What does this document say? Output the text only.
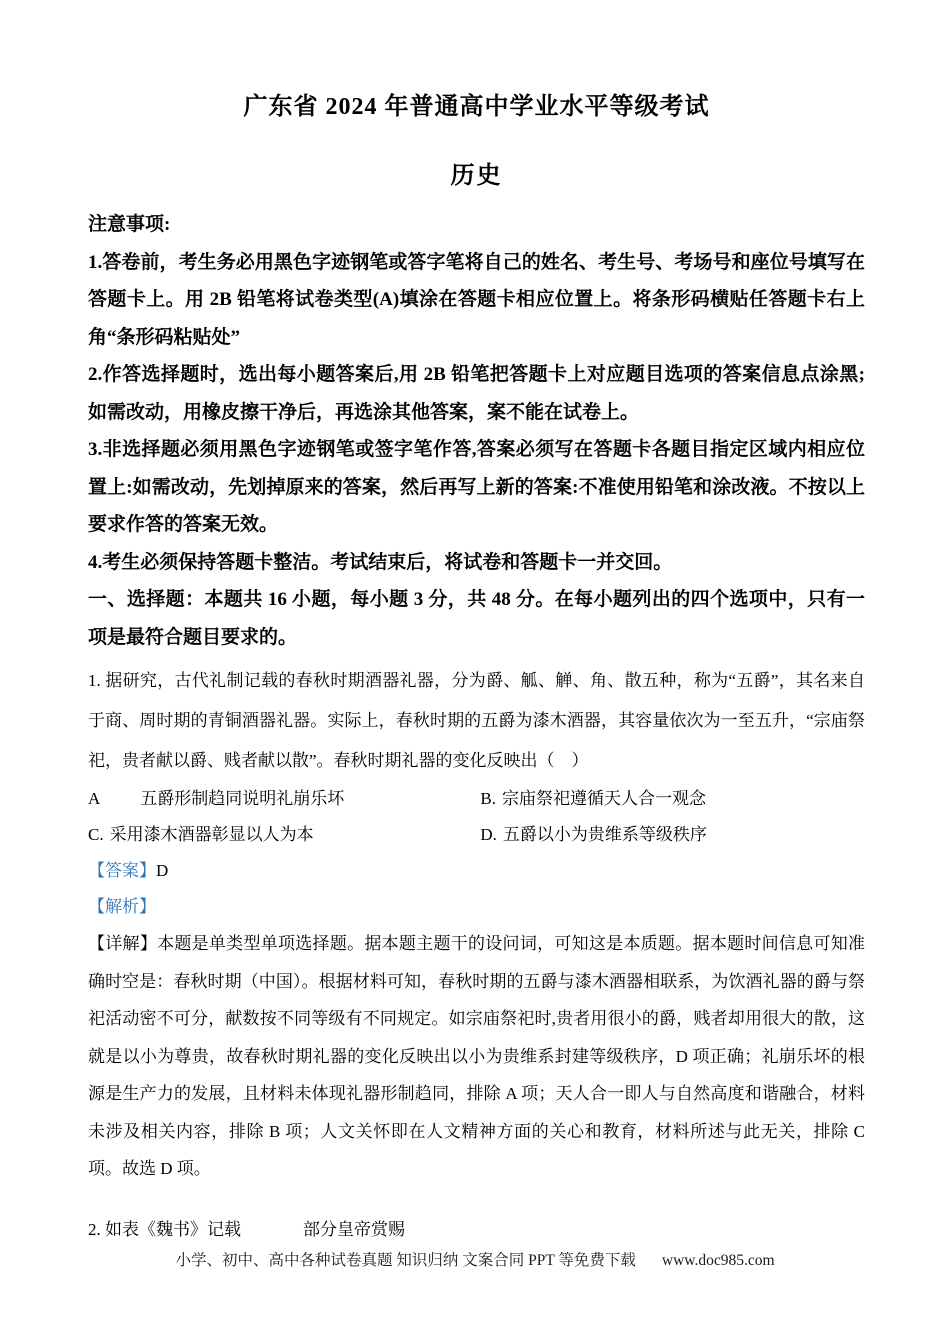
广东省 2024 年普通高中学业水平等级考试
历史

注意事项:

1.答卷前，考生务必用黑色字迹钢笔或答字笔将自己的姓名、考生号、考场号和座位号填写在答题卡上。用 2B 铅笔将试卷类型(A)填涂在答题卡相应位置上。将条形码横贴任答题卡右上角“条形码粘贴处”

2.作答选择题时，选出每小题答案后,用 2B 铅笔把答题卡上对应题目选项的答案信息点涂黑;如需改动，用橡皮擦干净后，再选涂其他答案，案不能在试卷上。

3.非选择题必须用黑色字迹钢笔或签字笔作答,答案必须写在答题卡各题目指定区域内相应位置上:如需改动，先划掉原来的答案，然后再写上新的答案:不准使用铅笔和涂改液。不按以上要求作答的答案无效。

4.考生必须保持答题卡整洁。考试结束后，将试卷和答题卡一并交回。

一、选择题：本题共 16 小题，每小题 3 分，共 48 分。在每小题列出的四个选项中，只有一项是最符合题目要求的。

1. 据研究，古代礼制记载的春秋时期酒器礼器，分为爵、觚、觯、角、散五种，称为“五爵”，其名来自于商、周时期的青铜酒器礼器。实际上，春秋时期的五爵为漆木酒器，其容量依次为一至五升，“宗庙祭祀，贵者献以爵、贱者献以散”。春秋时期礼器的变化反映出（　）

A 五爵形制趋同说明礼崩乐坏	B. 宗庙祭祀遵循天人合一观念
C. 采用漆木酒器彰显以人为本	D. 五爵以小为贵维系等级秩序

【答案】D

【解析】

【详解】本题是单类型单项选择题。据本题主题干的设问词，可知这是本质题。据本题时间信息可知准确时空是：春秋时期（中国）。根据材料可知，春秋时期的五爵与漆木酒器相联系，为饮酒礼器的爵与祭祀活动密不可分，献数按不同等级有不同规定。如宗庙祭祀时,贵者用很小的爵，贱者却用很大的散，这就是以小为尊贵，故春秋时期礼器的变化反映出以小为贵维系封建等级秩序，D 项正确；礼崩乐坏的根源是生产力的发展，且材料未体现礼器形制趋同，排除 A 项；天人合一即人与自然高度和谐融合，材料未涉及相关内容，排除 B 项；人文关怀即在人文精神方面的关心和教育，材料所述与此无关，排除 C 项。故选 D 项。

2. 如表《魏书》记载	部分皇帝赏赐

小学、初中、高中各种试卷真题 知识归纳 文案合同 PPT 等免费下载 www.doc985.com
